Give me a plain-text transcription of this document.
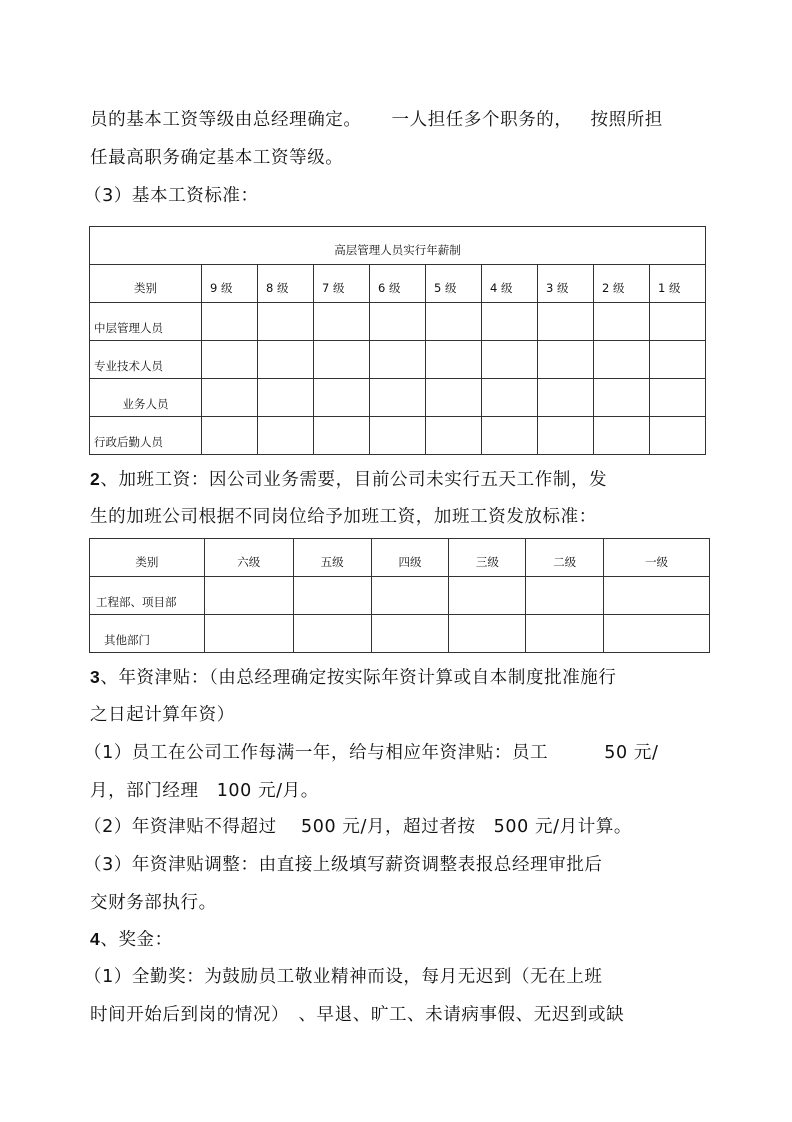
员的基本工资等级由总经理确定。 一人担任多个职务的， 按照所担
任最高职务确定基本工资等级。
（3）基本工资标准：
高层管理人员实行年薪制									

类别	9 级	8 级	7 级	6 级	5 级	4 级	3 级	2 级	1 级

中层管理人员									

专业技术人员									

业务人员									

行政后勤人员									

2、加班工资：因公司业务需要，目前公司未实行五天工作制，发
生的加班公司根据不同岗位给予加班工资，加班工资发放标准：
类别	六级	五级	四级	三级	二级	一级

工程部、项目部						

其他部门						

3、年资津贴：（由总经理确定按实际年资计算或自本制度批准施行
之日起计算年资）
（1）员工在公司工作每满一年，给与相应年资津贴：员工	50 元/
月，部门经理　100 元/月。
（2）年资津贴不得超过　 500 元/月，超过者按　500 元/月计算。
（3）年资津贴调整：由直接上级填写薪资调整表报总经理审批后
交财务部执行。
4、奖金：
（1）全勤奖：为鼓励员工敬业精神而设，每月无迟到（无在上班
时间开始后到岗的情况）　、早退、旷工、未请病事假、无迟到或缺
